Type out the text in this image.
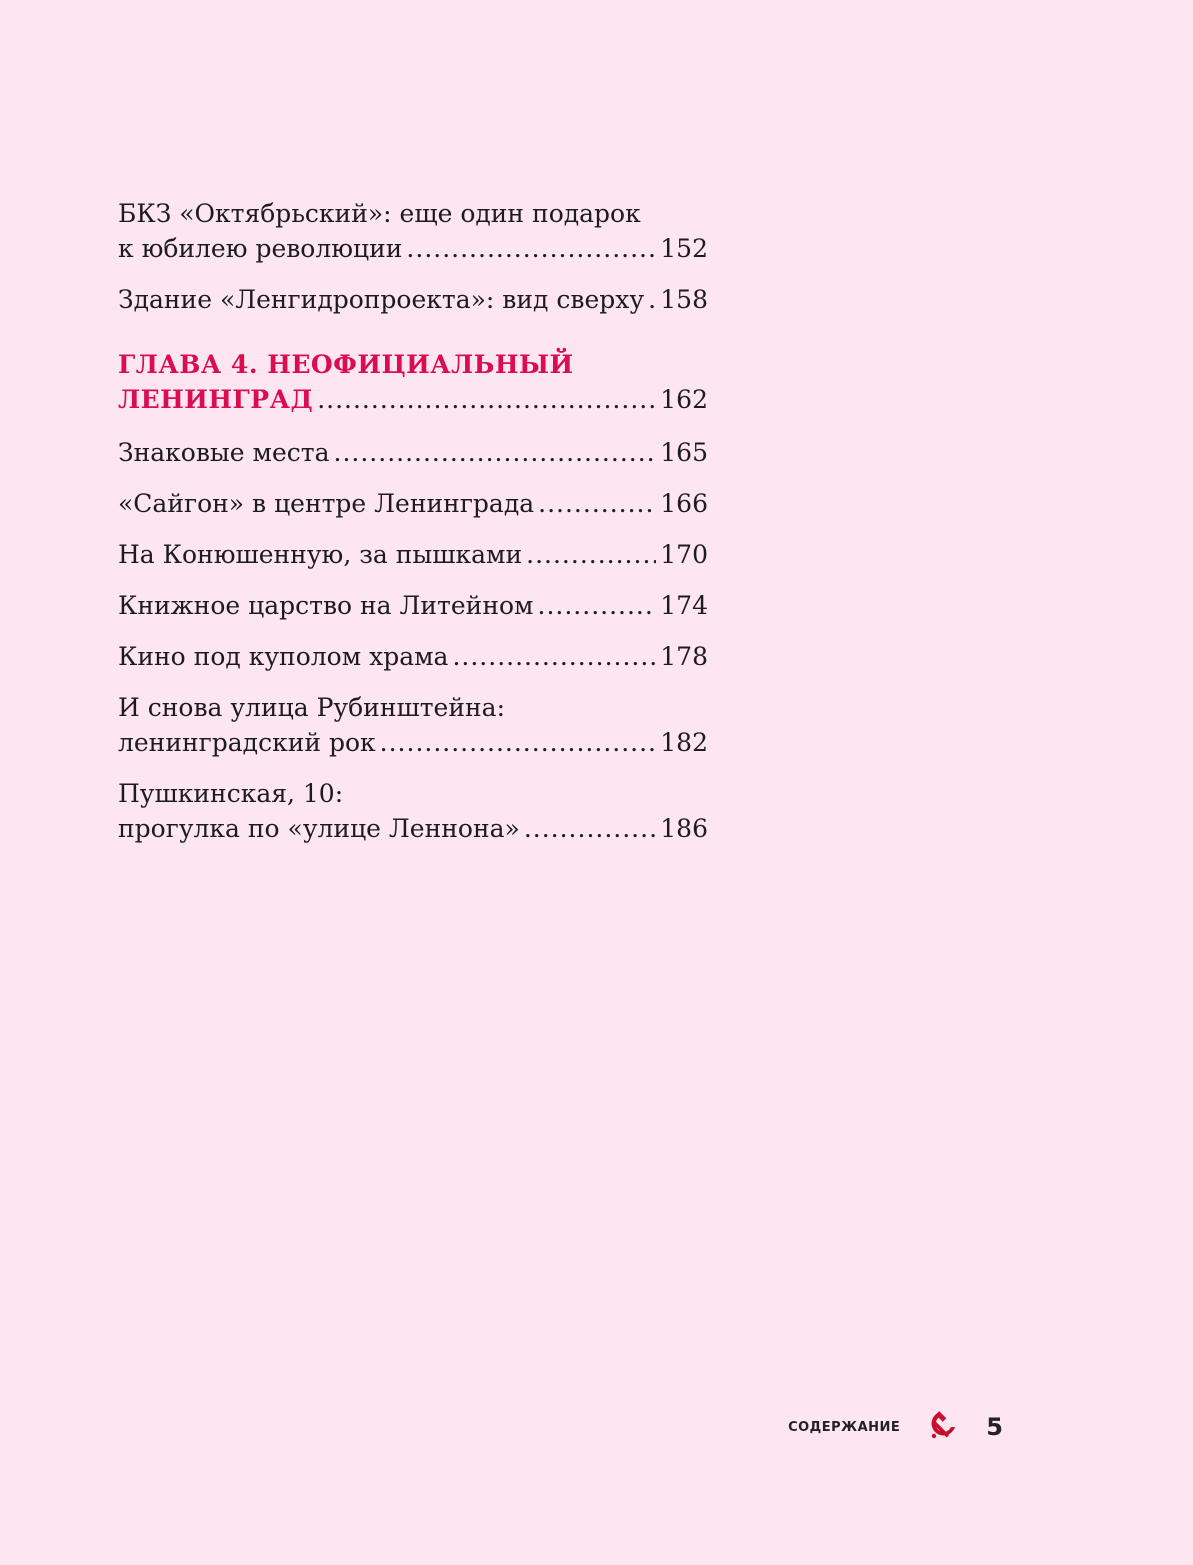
БКЗ «Октябрьский»: еще один подарок
к юбилею революции .....	152
Здание «Ленгидропроекта»: вид сверху ..... 158
ГЛАВА 4. НЕОФИЦИАЛЬНЫЙ
ЛЕНИНГРАД .....	162
Знаковые места .....	165
«Сайгон» в центре Ленинграда .....	166
На Конюшенную, за пышками .....	170
Книжное царство на Литейном .....	174
Кино под куполом храма .....	178
И снова улица Рубинштейна:
ленинградский рок .....	182
Пушкинская, 10:
прогулка по «улице Леннона» .....	186
СОДЕРЖАНИЕ	5
